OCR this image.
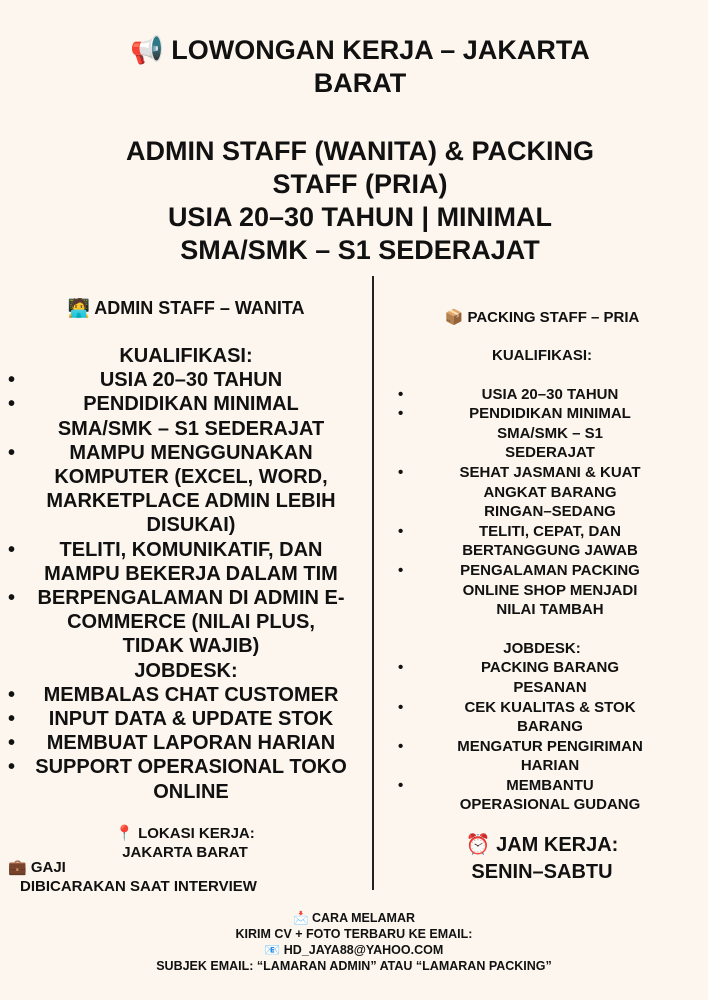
📢 LOWONGAN KERJA – JAKARTA
BARAT
ADMIN STAFF (WANITA) & PACKING
STAFF (PRIA)
USIA 20–30 TAHUN | MINIMAL
SMA/SMK – S1 SEDERAJAT
🧑‍💻 ADMIN STAFF – WANITA
KUALIFIKASI:
•	USIA 20–30 TAHUN
•	PENDIDIKAN MINIMAL
SMA/SMK – S1 SEDERAJAT
•	MAMPU MENGGUNAKAN
KOMPUTER (EXCEL, WORD,
MARKETPLACE ADMIN LEBIH
DISUKAI)
•	TELITI, KOMUNIKATIF, DAN
MAMPU BEKERJA DALAM TIM
•	BERPENGALAMAN DI ADMIN E-
COMMERCE (NILAI PLUS,
TIDAK WAJIB)
JOBDESK:
•	MEMBALAS CHAT CUSTOMER
•	INPUT DATA & UPDATE STOK
•	MEMBUAT LAPORAN HARIAN
•	SUPPORT OPERASIONAL TOKO
ONLINE
📦 PACKING STAFF – PRIA
KUALIFIKASI:
•	USIA 20–30 TAHUN
•	PENDIDIKAN MINIMAL
SMA/SMK – S1
SEDERAJAT
•	SEHAT JASMANI & KUAT
ANGKAT BARANG
RINGAN–SEDANG
•	TELITI, CEPAT, DAN
BERTANGGUNG JAWAB
•	PENGALAMAN PACKING
ONLINE SHOP MENJADI
NILAI TAMBAH
JOBDESK:
•	PACKING BARANG
PESANAN
•	CEK KUALITAS & STOK
BARANG
•	MENGATUR PENGIRIMAN
HARIAN
•	MEMBANTU
OPERASIONAL GUDANG
📍 LOKASI KERJA:
JAKARTA BARAT
💼 GAJI
DIBICARAKAN SAAT INTERVIEW
⏰ JAM KERJA:
SENIN–SABTU
📩 CARA MELAMAR
KIRIM CV + FOTO TERBARU KE EMAIL:
📧 HD_JAYA88@YAHOO.COM
SUBJEK EMAIL: “LAMARAN ADMIN” ATAU “LAMARAN PACKING”
